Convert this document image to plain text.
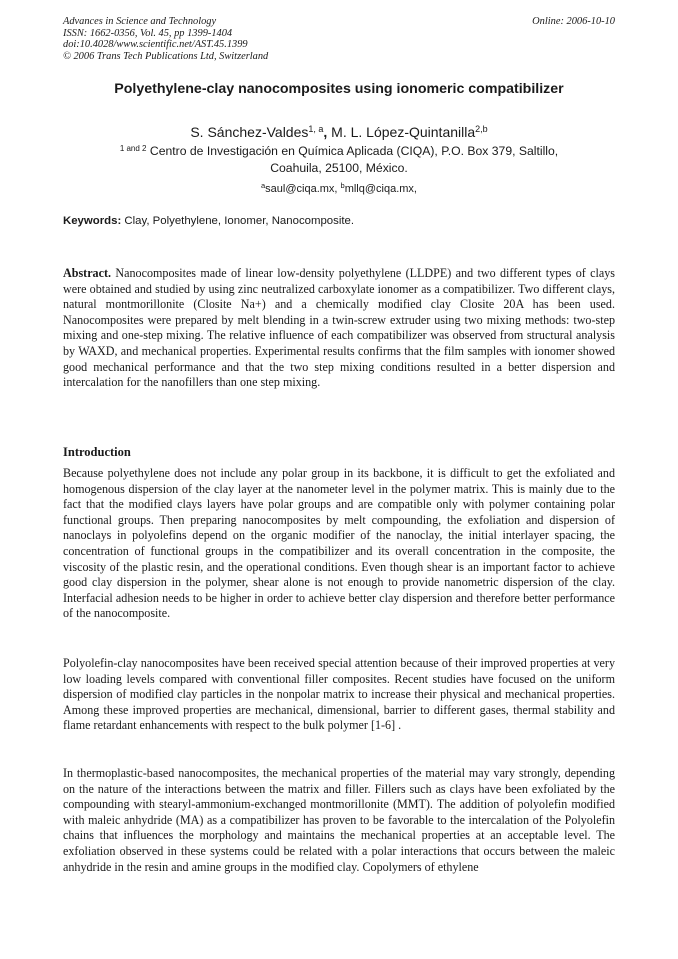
Advances in Science and Technology
ISSN: 1662-0356, Vol. 45, pp 1399-1404
doi:10.4028/www.scientific.net/AST.45.1399
© 2006 Trans Tech Publications Ltd, Switzerland
Online: 2006-10-10
Polyethylene-clay nanocomposites using ionomeric compatibilizer
S. Sánchez-Valdes$^{1, a}$, M. L. López-Quintanilla$^{2,b}$
$^{1 and 2}$ Centro de Investigación en Química Aplicada (CIQA), P.O. Box 379, Saltillo,
Coahuila, 25100, México.
$^a$saul@ciqa.mx, $^b$mllq@ciqa.mx,
Keywords: Clay, Polyethylene, Ionomer, Nanocomposite.

Abstract. Nanocomposites made of linear low-density polyethylene (LLDPE) and two different types of clays were obtained and studied by using zinc neutralized carboxylate ionomer as a compatibilizer. Two different clays, natural montmorillonite (Closite Na+) and a chemically modified clay Closite 20A has been used. Nanocomposites were prepared by melt blending in a twin-screw extruder using two mixing methods: two-step mixing and one-step mixing. The relative influence of each compatibilizer was observed from structural analysis by WAXD, and mechanical properties. Experimental results confirms that the film samples with ionomer showed good mechanical performance and that the two step mixing conditions resulted in a better dispersion and intercalation for the nanofillers than one step mixing.

Introduction

Because polyethylene does not include any polar group in its backbone, it is difficult to get the exfoliated and homogenous dispersion of the clay layer at the nanometer level in the polymer matrix. This is mainly due to the fact that the modified clays layers have polar groups and are compatible only with polymer containing polar functional groups. Then preparing nanocomposites by melt compounding, the exfoliation and dispersion of nanoclays in polyolefins depend on the organic modifier of the nanoclay, the initial interlayer spacing, the concentration of functional groups in the compatibilizer and its overall concentration in the composite, the viscosity of the plastic resin, and the operational conditions. Even though shear is an important factor to achieve good clay dispersion in the polymer, shear alone is not enough to provide nanometric dispersion of the clay. Interfacial adhesion needs to be higher in order to achieve better clay dispersion and therefore better performance of the nanocomposite.

Polyolefin-clay nanocomposites have been received special attention because of their improved properties at very low loading levels compared with conventional filler composites. Recent studies have focused on the uniform dispersion of modified clay particles in the nonpolar matrix to increase their physical and mechanical properties. Among these improved properties are mechanical, dimensional, barrier to different gases, thermal stability and flame retardant enhancements with respect to the bulk polymer [1-6] .

In thermoplastic-based nanocomposites, the mechanical properties of the material may vary strongly, depending on the nature of the interactions between the matrix and filler. Fillers such as clays have been exfoliated by the compounding with stearyl-ammonium-exchanged montmorillonite (MMT). The addition of polyolefin modified with maleic anhydride (MA) as a compatibilizer has proven to be favorable to the intercalation of the Polyolefin chains that influences the morphology and maintains the mechanical properties at an acceptable level. The exfoliation observed in these systems could be related with a polar interactions that occurs between the maleic anhydride in the resin and amine groups in the modified clay. Copolymers of ethylene
